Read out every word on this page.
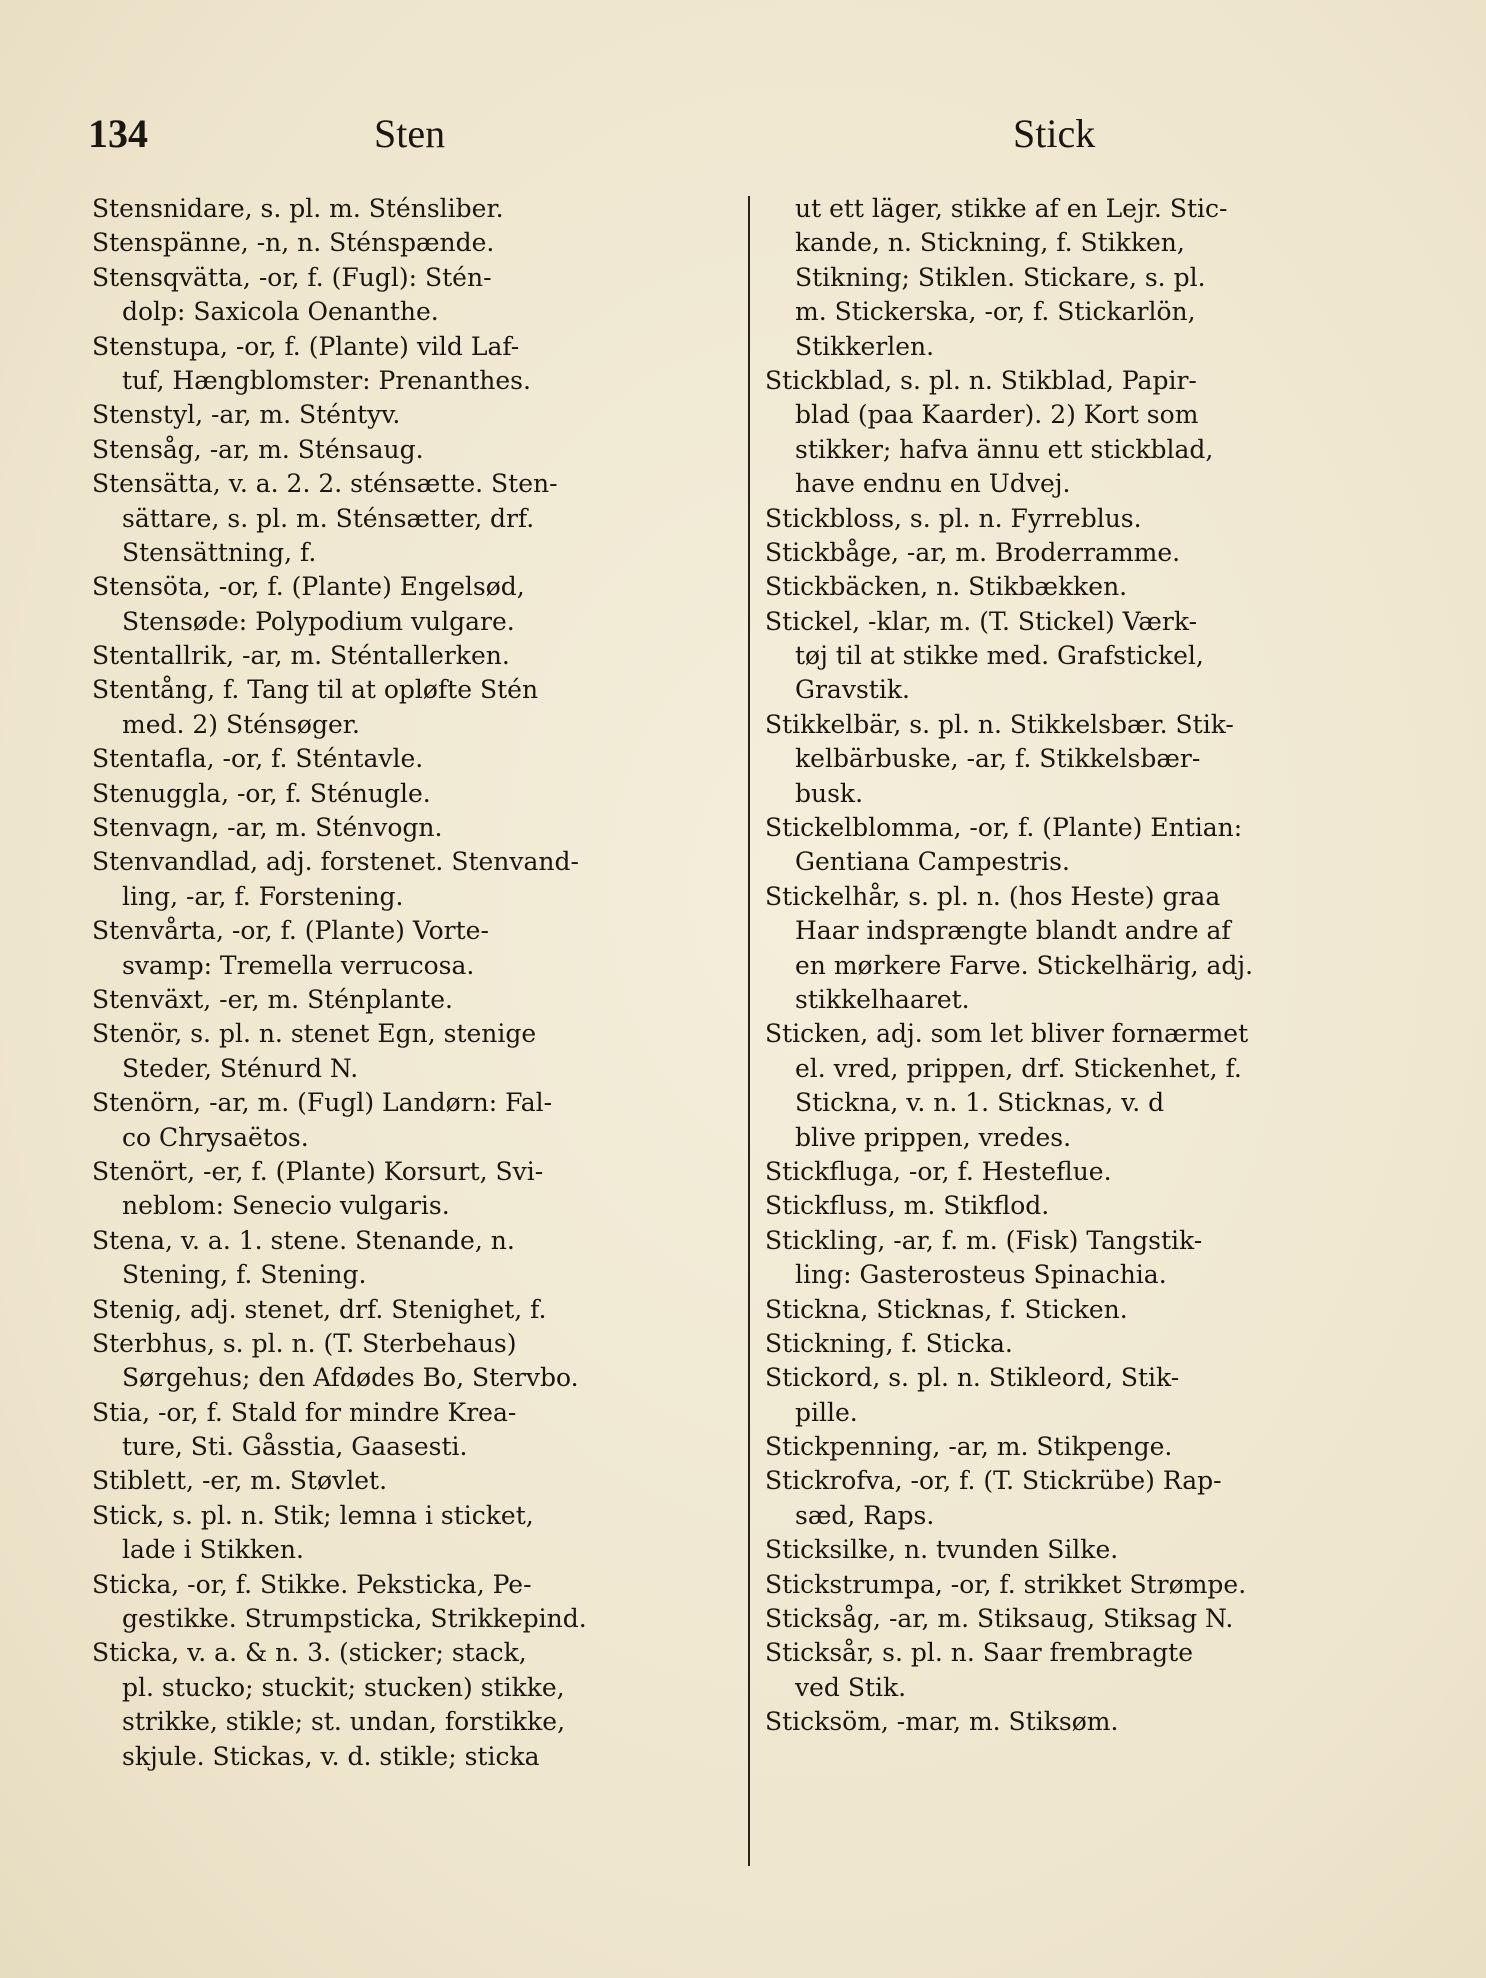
134	Sten	Stick
Stensnidare, s. pl. m. Sténsliber.
Stenspänne, -n, n. Sténspænde.
Stensqvätta, -or, f. (Fugl): Stén-
dolp: Saxicola Oenanthe.
Stenstupa, -or, f. (Plante) vild Laf-
tuf, Hængblomster: Prenanthes.
Stenstyl, -ar, m. Sténtyv.
Stensåg, -ar, m. Sténsaug.
Stensätta, v. a. 2. 2. sténsætte. Sten-
sättare, s. pl. m. Sténsætter, drf.
Stensättning, f.
Stensöta, -or, f. (Plante) Engelsød,
Stensøde: Polypodium vulgare.
Stentallrik, -ar, m. Sténtallerken.
Stentång, f. Tang til at opløfte Stén
med. 2) Sténsøger.
Stentafla, -or, f. Sténtavle.
Stenuggla, -or, f. Sténugle.
Stenvagn, -ar, m. Sténvogn.
Stenvandlad, adj. forstenet. Stenvand-
ling, -ar, f. Forstening.
Stenvårta, -or, f. (Plante) Vorte-
svamp: Tremella verrucosa.
Stenväxt, -er, m. Sténplante.
Stenör, s. pl. n. stenet Egn, stenige
Steder, Sténurd N.
Stenörn, -ar, m. (Fugl) Landørn: Fal-
co Chrysaëtos.
Stenört, -er, f. (Plante) Korsurt, Svi-
neblom: Senecio vulgaris.
Stena, v. a. 1. stene. Stenande, n.
Stening, f. Stening.
Stenig, adj. stenet, drf. Stenighet, f.
Sterbhus, s. pl. n. (T. Sterbehaus)
Sørgehus; den Afdødes Bo, Stervbo.
Stia, -or, f. Stald for mindre Krea-
ture, Sti. Gåsstia, Gaasesti.
Stiblett, -er, m. Støvlet.
Stick, s. pl. n. Stik; lemna i sticket,
lade i Stikken.
Sticka, -or, f. Stikke. Peksticka, Pe-
gestikke. Strumpsticka, Strikkepind.
Sticka, v. a. & n. 3. (sticker; stack,
pl. stucko; stuckit; stucken) stikke,
strikke, stikle; st. undan, forstikke,
skjule. Stickas, v. d. stikle; sticka
ut ett läger, stikke af en Lejr. Stic-
kande, n. Stickning, f. Stikken,
Stikning; Stiklen. Stickare, s. pl.
m. Stickerska, -or, f. Stickarlön,
Stikkerlen.
Stickblad, s. pl. n. Stikblad, Papir-
blad (paa Kaarder). 2) Kort som
stikker; hafva ännu ett stickblad,
have endnu en Udvej.
Stickbloss, s. pl. n. Fyrreblus.
Stickbåge, -ar, m. Broderramme.
Stickbäcken, n. Stikbækken.
Stickel, -klar, m. (T. Stickel) Værk-
tøj til at stikke med. Grafstickel,
Gravstik.
Stikkelbär, s. pl. n. Stikkelsbær. Stik-
kelbärbuske, -ar, f. Stikkelsbær-
busk.
Stickelblomma, -or, f. (Plante) Entian:
Gentiana Campestris.
Stickelhår, s. pl. n. (hos Heste) graa
Haar indsprængte blandt andre af
en mørkere Farve. Stickelhärig, adj.
stikkelhaaret.
Sticken, adj. som let bliver fornærmet
el. vred, prippen, drf. Stickenhet, f.
Stickna, v. n. 1. Sticknas, v. d
blive prippen, vredes.
Stickfluga, -or, f. Hesteflue.
Stickfluss, m. Stikflod.
Stickling, -ar, f. m. (Fisk) Tangstik-
ling: Gasterosteus Spinachia.
Stickna, Sticknas, f. Sticken.
Stickning, f. Sticka.
Stickord, s. pl. n. Stikleord, Stik-
pille.
Stickpenning, -ar, m. Stikpenge.
Stickrofva, -or, f. (T. Stickrübe) Rap-
sæd, Raps.
Sticksilke, n. tvunden Silke.
Stickstrumpa, -or, f. strikket Strømpe.
Sticksåg, -ar, m. Stiksaug, Stiksag N.
Sticksår, s. pl. n. Saar frembragte
ved Stik.
Sticksöm, -mar, m. Stiksøm.
